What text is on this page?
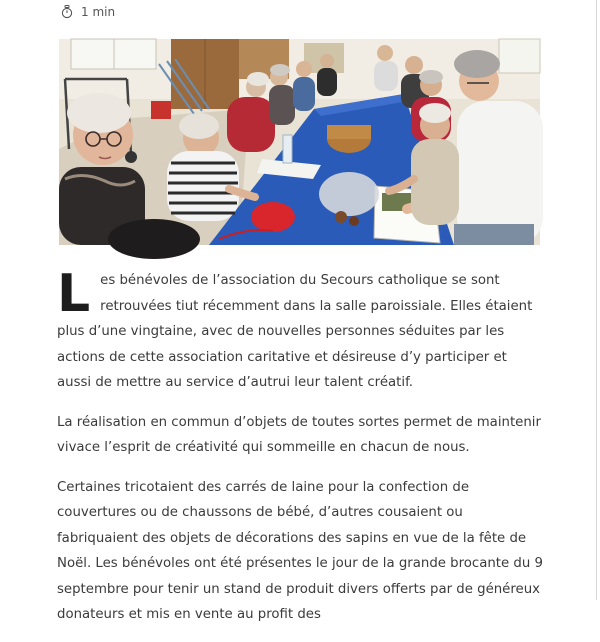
1 min

Les bénévoles de l’association du Secours catholique se sont retrouvées tiut récemment dans la salle paroissiale. Elles étaient plus d’une vingtaine, avec de nouvelles personnes séduites par les actions de cette association caritative et désireuse d’y participer et aussi de mettre au service d’autrui leur talent créatif.

La réalisation en commun d’objets de toutes sortes permet de maintenir vivace l’esprit de créativité qui sommeille en chacun de nous.

Certaines tricotaient des carrés de laine pour la confection de couvertures ou de chaussons de bébé, d’autres cousaient ou fabriquaient des objets de décorations des sapins en vue de la fête de Noël. Les bénévoles ont été présentes le jour de la grande brocante du 9 septembre pour tenir un stand de produit divers offerts par de généreux donateurs et mis en vente au profit des
